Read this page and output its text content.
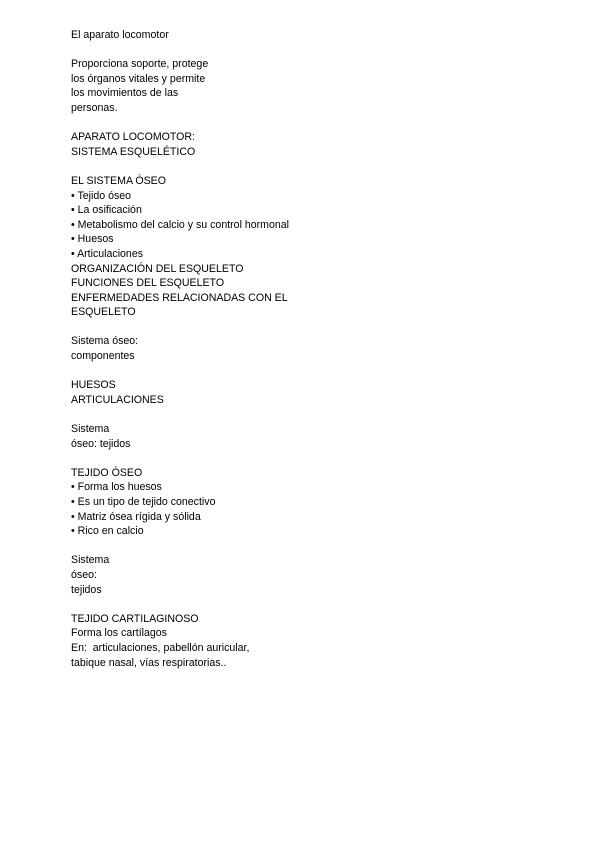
El aparato locomotor
Proporciona soporte, protege
los órganos vitales y permite
los movimientos de las
personas.
APARATO LOCOMOTOR:
SISTEMA ESQUELÉTICO
EL SISTEMA ÓSEO
• Tejido óseo
• La osificación
• Metabolismo del calcio y su control hormonal
• Huesos
• Articulaciones
ORGANIZACIÓN DEL ESQUELETO
FUNCIONES DEL ESQUELETO
ENFERMEDADES RELACIONADAS CON EL
ESQUELETO
Sistema óseo:
componentes
HUESOS
ARTICULACIONES
Sistema
óseo: tejidos
TEJIDO ÓSEO
• Forma los huesos
• Es un tipo de tejido conectivo
• Matriz ósea rígida y sólida
• Rico en calcio
Sistema
óseo:
tejidos
TEJIDO CARTILAGINOSO
Forma los cartílagos
En:  articulaciones, pabellón auricular,
tabique nasal, vías respiratorias..
